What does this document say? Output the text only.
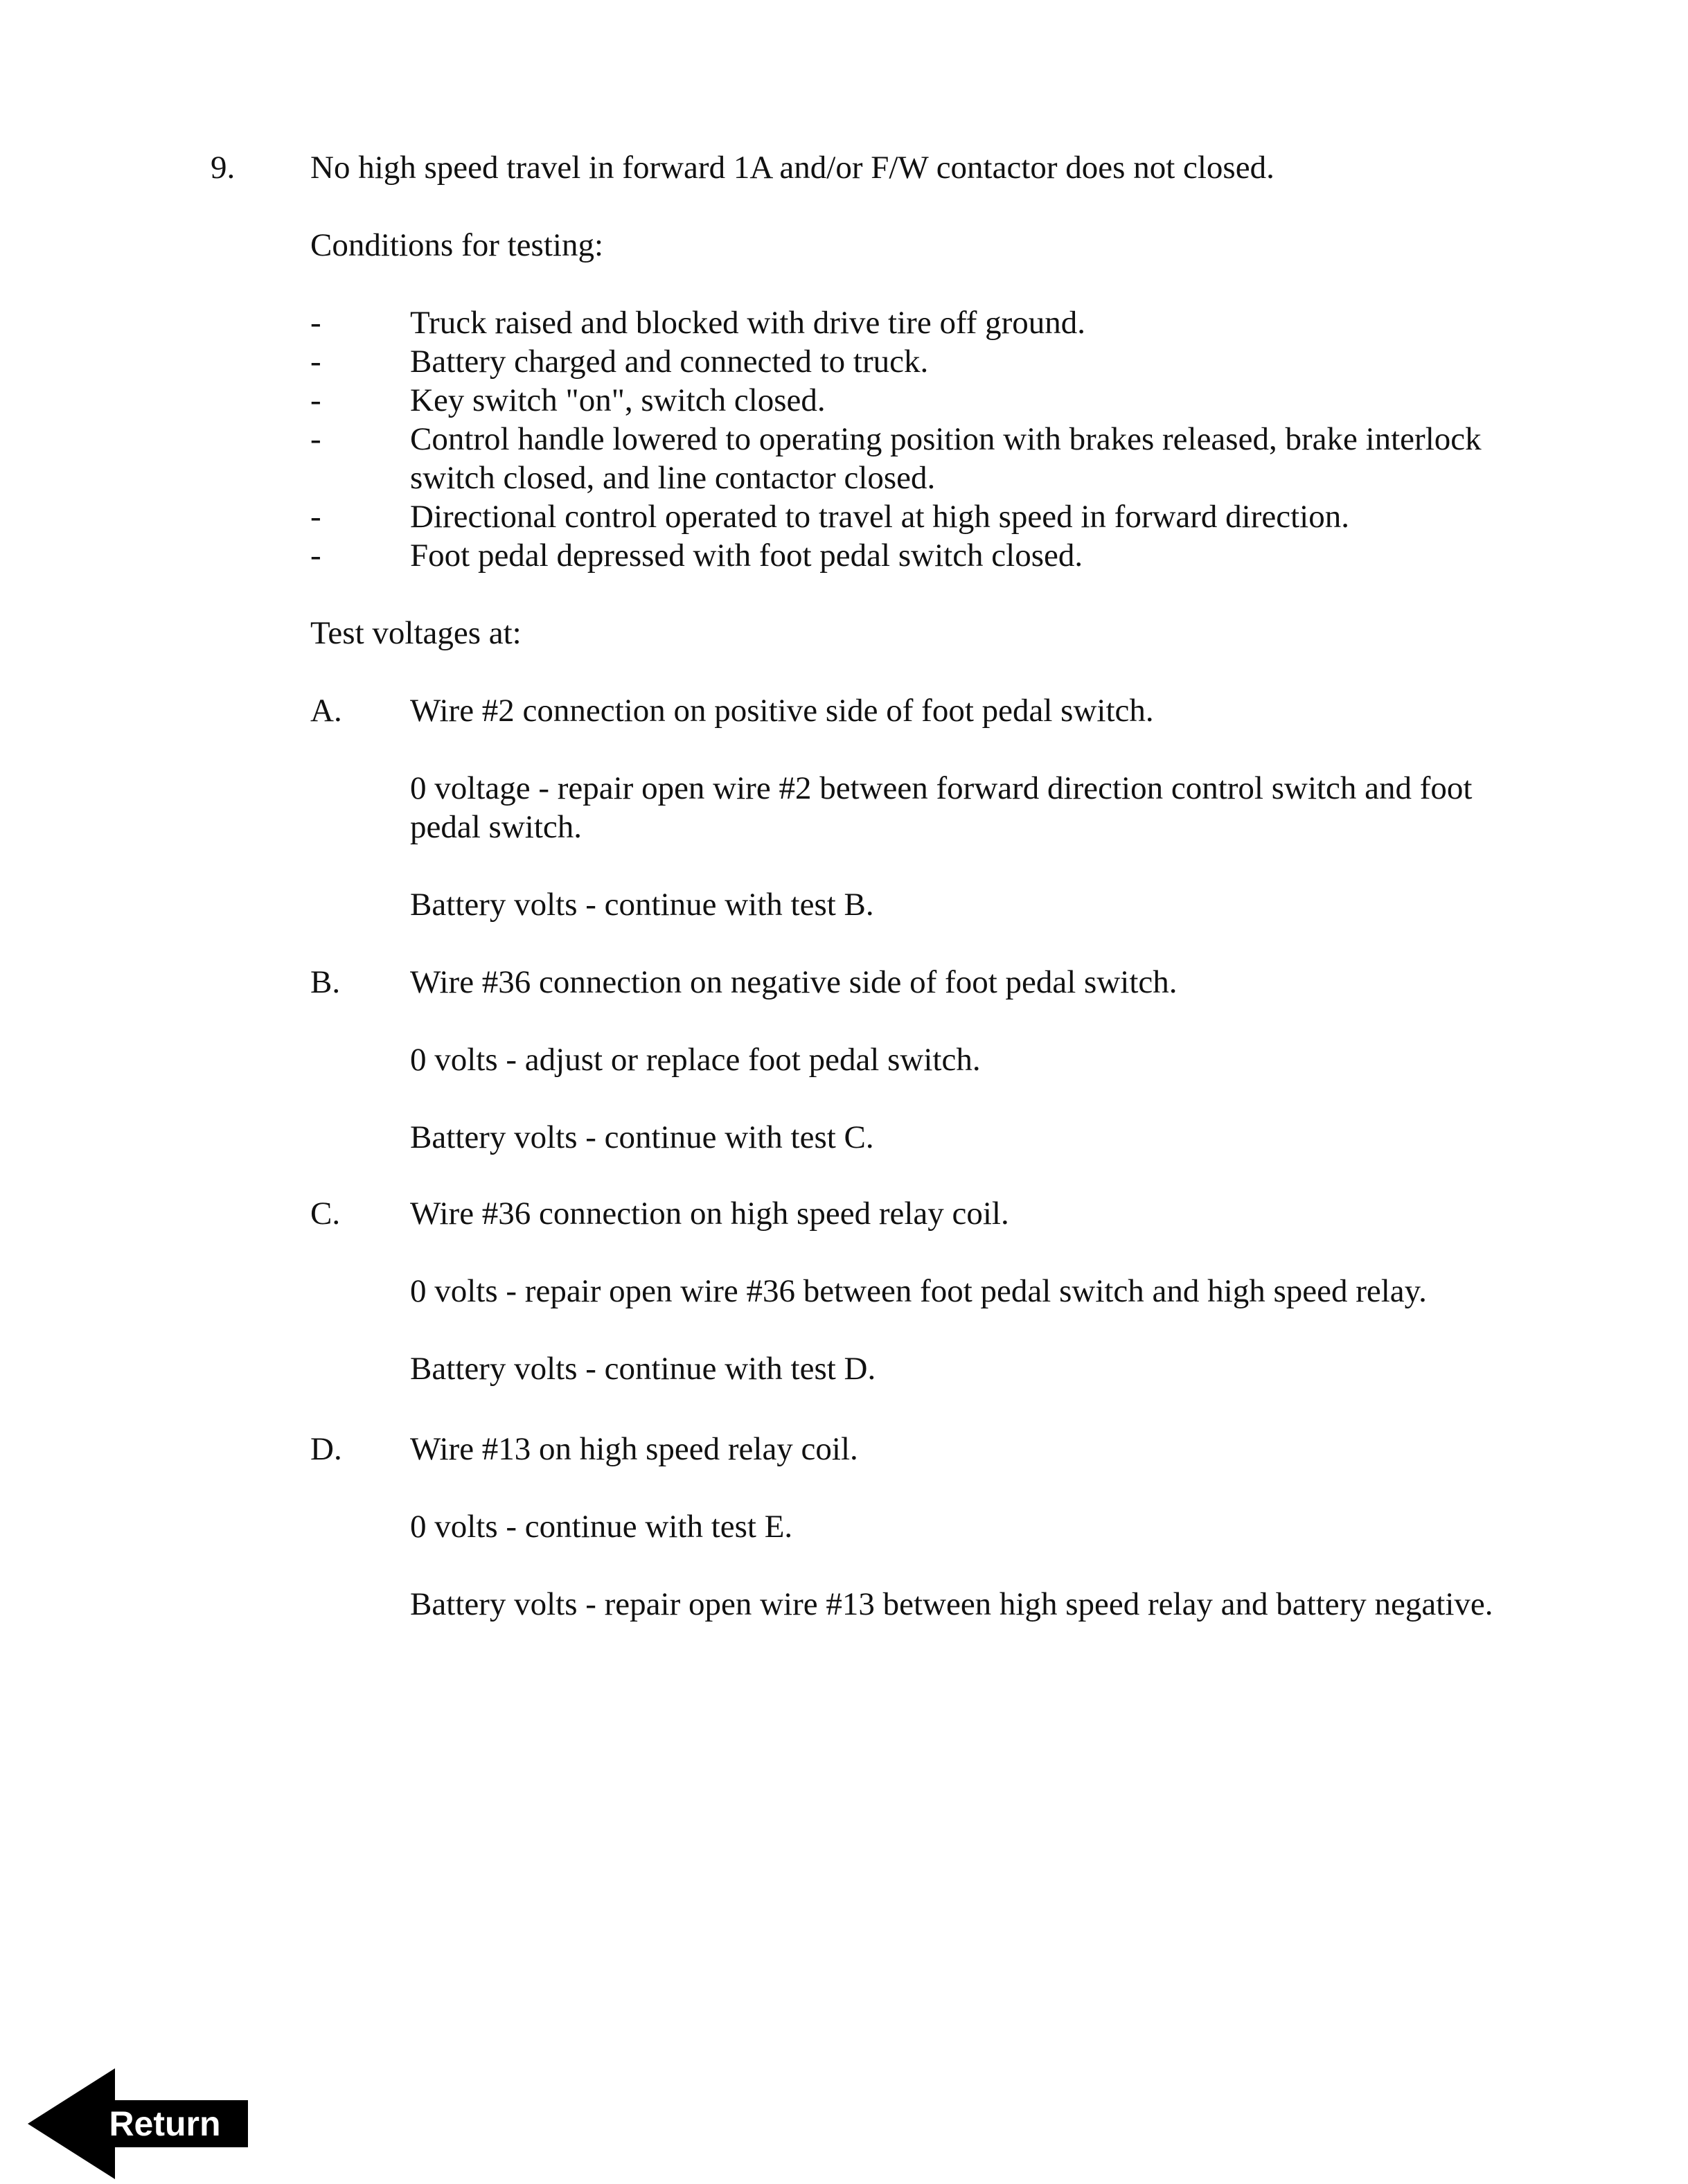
9. No high speed travel in forward 1A and/or F/W contactor does not closed.
Conditions for testing:
-	Truck raised and blocked with drive tire off ground.
-	Battery charged and connected to truck.
-	Key switch "on", switch closed.
-	Control handle lowered to operating position with brakes released, brake interlock switch closed, and line contactor closed.
-	Directional control operated to travel at high speed in forward direction.
-	Foot pedal depressed with foot pedal switch closed.
Test voltages at:
A. Wire #2 connection on positive side of foot pedal switch.

0 voltage - repair open wire #2 between forward direction control switch and foot pedal switch.

Battery volts - continue with test B.

B. Wire #36 connection on negative side of foot pedal switch.

0 volts - adjust or replace foot pedal switch.

Battery volts - continue with test C.

C. Wire #36 connection on high speed relay coil.

0 volts - repair open wire #36 between foot pedal switch and high speed relay.

Battery volts - continue with test D.

D. Wire #13 on high speed relay coil.

0 volts - continue with test E.

Battery volts - repair open wire #13 between high speed relay and battery negative.

Return
